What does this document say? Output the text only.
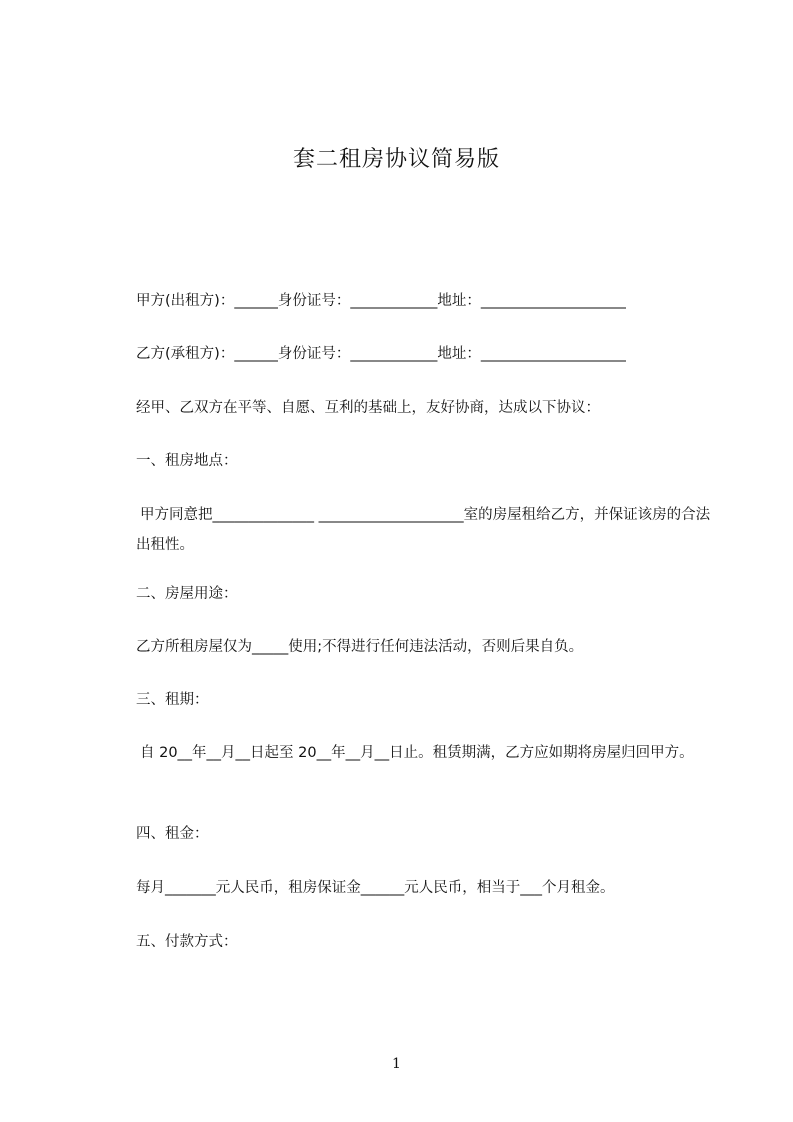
套二租房协议简易版
甲方(出租方)：______身份证号：____________地址：____________________
乙方(承租方)：______身份证号：____________地址：____________________
经甲、乙双方在平等、自愿、互利的基础上，友好协商，达成以下协议：
一、租房地点：
甲方同意把______________ ____________________室的房屋租给乙方，并保证该房的合法出租性。
二、房屋用途：
乙方所租房屋仅为_____使用;不得进行任何违法活动，否则后果自负。
三、租期：
自 20__年__月__日起至 20__年__月__日止。租赁期满，乙方应如期将房屋归回甲方。
四、租金：
每月_______元人民币，租房保证金______元人民币，相当于___个月租金。
五、付款方式：
1
